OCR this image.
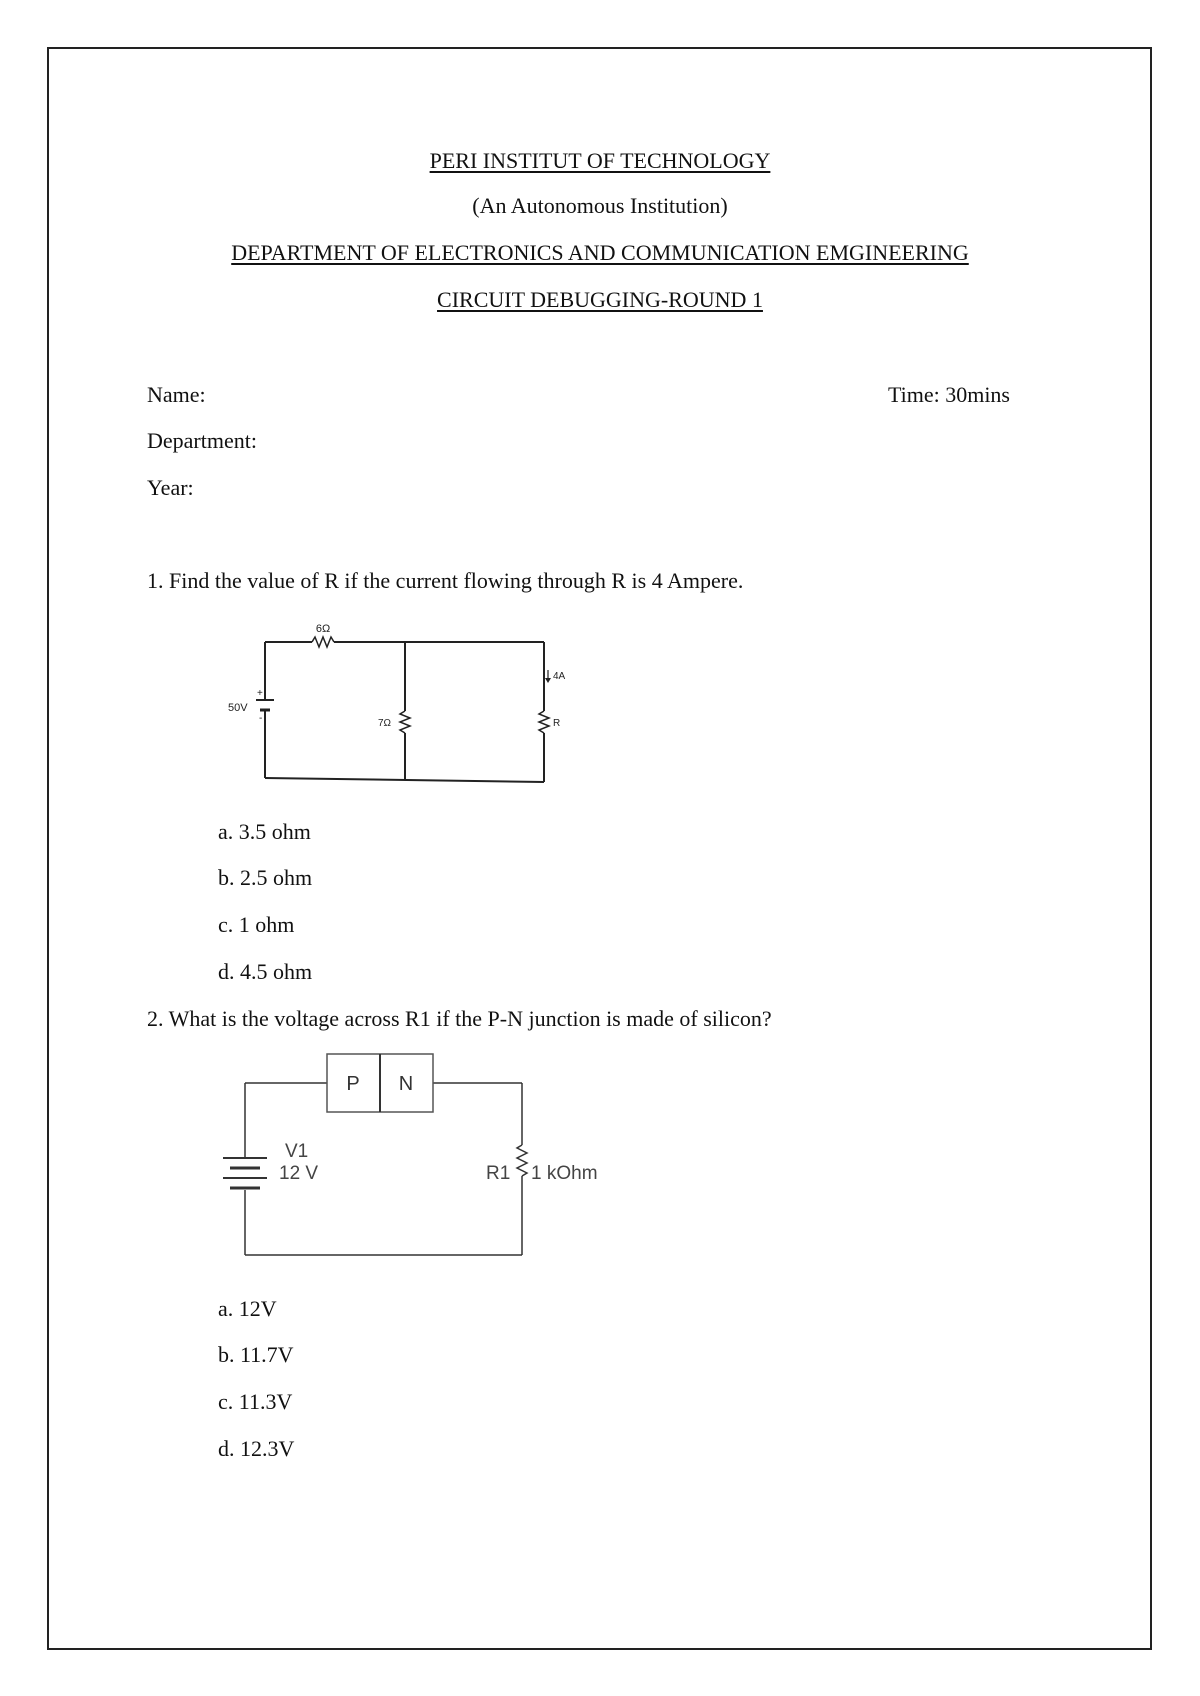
PERI INSTITUT OF TECHNOLOGY
(An Autonomous Institution)
DEPARTMENT OF ELECTRONICS AND COMMUNICATION EMGINEERING
CIRCUIT DEBUGGING-ROUND 1
Name:	Time: 30mins
Department:
Year:
1. Find the value of R if the current flowing through R is 4 Ampere.
6Ω
50V
+
-	7Ω
4A
R
a. 3.5 ohm
b. 2.5 ohm
c. 1 ohm
d. 4.5 ohm
2. What is the voltage across R1 if the P-N junction is made of silicon?
P N
V1
12 V	R1 1 kOhm
a. 12V
b. 11.7V
c. 11.3V
d. 12.3V
